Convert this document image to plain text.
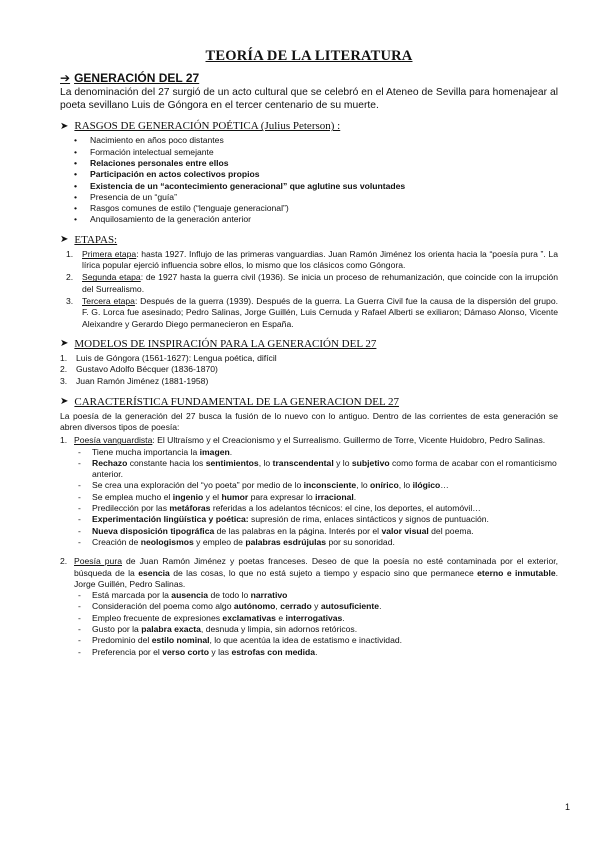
TEORÍA DE LA LITERATURA
➔ GENERACIÓN DEL 27

La denominación del 27 surgió de un acto cultural que se celebró en el Ateneo de Sevilla para homenajear al poeta sevillano Luis de Góngora en el tercer centenario de su muerte.

➤ RASGOS DE GENERACIÓN POÉTICA (Julius Peterson) :
• Nacimiento en años poco distantes
• Formación intelectual semejante
• Relaciones personales entre ellos
• Participación en actos colectivos propios
• Existencia de un “acontecimiento generacional” que aglutine sus voluntades
• Presencia de un “guía”
• Rasgos comunes de estilo (“lenguaje generacional”)
• Anquilosamiento de la generación anterior
➤ ETAPAS:
1. Primera etapa: hasta 1927. Influjo de las primeras vanguardias. Juan Ramón Jiménez los orienta hacia la “poesía pura ”. La lírica popular ejerció influencia sobre ellos, lo mismo que los clásicos como Góngora.
2. Segunda etapa: de 1927 hasta la guerra civil (1936). Se inicia un proceso de rehumanización, que coincide con la irrupción del Surrealismo.
3. Tercera etapa: Después de la guerra (1939). Después de la guerra. La Guerra Civil fue la causa de la dispersión del grupo. F. G. Lorca fue asesinado; Pedro Salinas, Jorge Guillén, Luis Cernuda y Rafael Alberti se exiliaron; Dámaso Alonso, Vicente Aleixandre y Gerardo Diego permanecieron en España.
➤ MODELOS DE INSPIRACIÓN PARA LA GENERACIÓN DEL 27
1. Luis de Góngora (1561-1627): Lengua poética, difícil
2. Gustavo Adolfo Bécquer (1836-1870)
3. Juan Ramón Jiménez (1881-1958)
➤ CARACTERÍSTICA FUNDAMENTAL DE LA GENERACION DEL 27

La poesía de la generación del 27 busca la fusión de lo nuevo con lo antiguo. Dentro de las corrientes de esta generación se abren diversos tipos de poesía:

1. Poesía vanguardista: El Ultraísmo y el Creacionismo y el Surrealismo. Guillermo de Torre, Vicente Huidobro, Pedro Salinas.
- Tiene mucha importancia la imagen.
- Rechazo constante hacia los sentimientos, lo transcendental y lo subjetivo como forma de acabar con el romanticismo anterior.
- Se crea una exploración del “yo poeta” por medio de lo inconsciente, lo onírico, lo ilógico…
- Se emplea mucho el ingenio y el humor para expresar lo irracional.
- Predilección por las metáforas referidas a los adelantos técnicos: el cine, los deportes, el automóvil…
- Experimentación lingüística y poética: supresión de rima, enlaces sintácticos y signos de puntuación.
- Nueva disposición tipográfica de las palabras en la página. Interés por el valor visual del poema.
- Creación de neologismos y empleo de palabras esdrújulas por su sonoridad.
2. Poesía pura de Juan Ramón Jiménez y poetas franceses. Deseo de que la poesía no esté contaminada por el exterior, búsqueda de la esencia de las cosas, lo que no está sujeto a tiempo y espacio sino que permanece eterno e inmutable. Jorge Guillén, Pedro Salinas.
- Está marcada por la ausencia de todo lo narrativo
- Consideración del poema como algo autónomo, cerrado y autosuficiente.
- Empleo frecuente de expresiones exclamativas e interrogativas.
- Gusto por la palabra exacta, desnuda y limpia, sin adornos retóricos.
- Predominio del estilo nominal, lo que acentúa la idea de estatismo e inactividad.
- Preferencia por el verso corto y las estrofas con medida.
1
